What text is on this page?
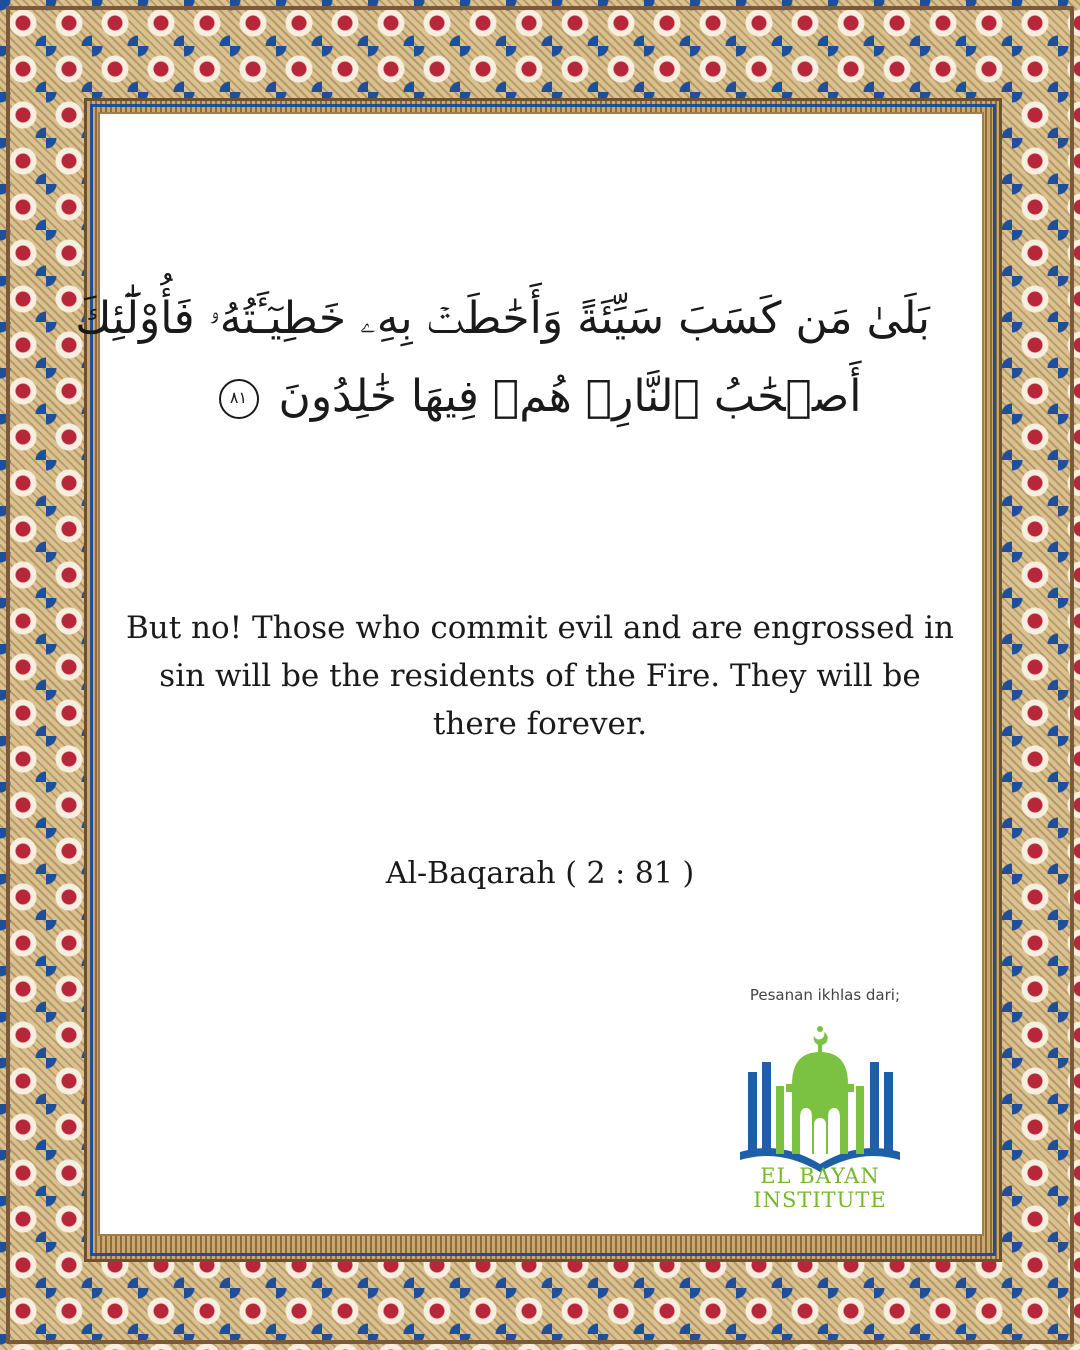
بَلَىٰ مَن كَسَبَ سَيِّئَةً وَأَحَٰطَتۡ بِهِۦ خَطِيٓـَٔتُهُۥ فَأُوْلَٰٓئِكَ
أَصۡحَٰبُ ٱلنَّارِۖ هُمۡ فِيهَا خَٰلِدُونَ ٨١
But no! Those who commit evil and are engrossed in sin will be the residents of the Fire. They will be there forever.
Al-Baqarah ( 2 : 81 )
Pesanan ikhlas dari;
EL BAYAN INSTITUTE
